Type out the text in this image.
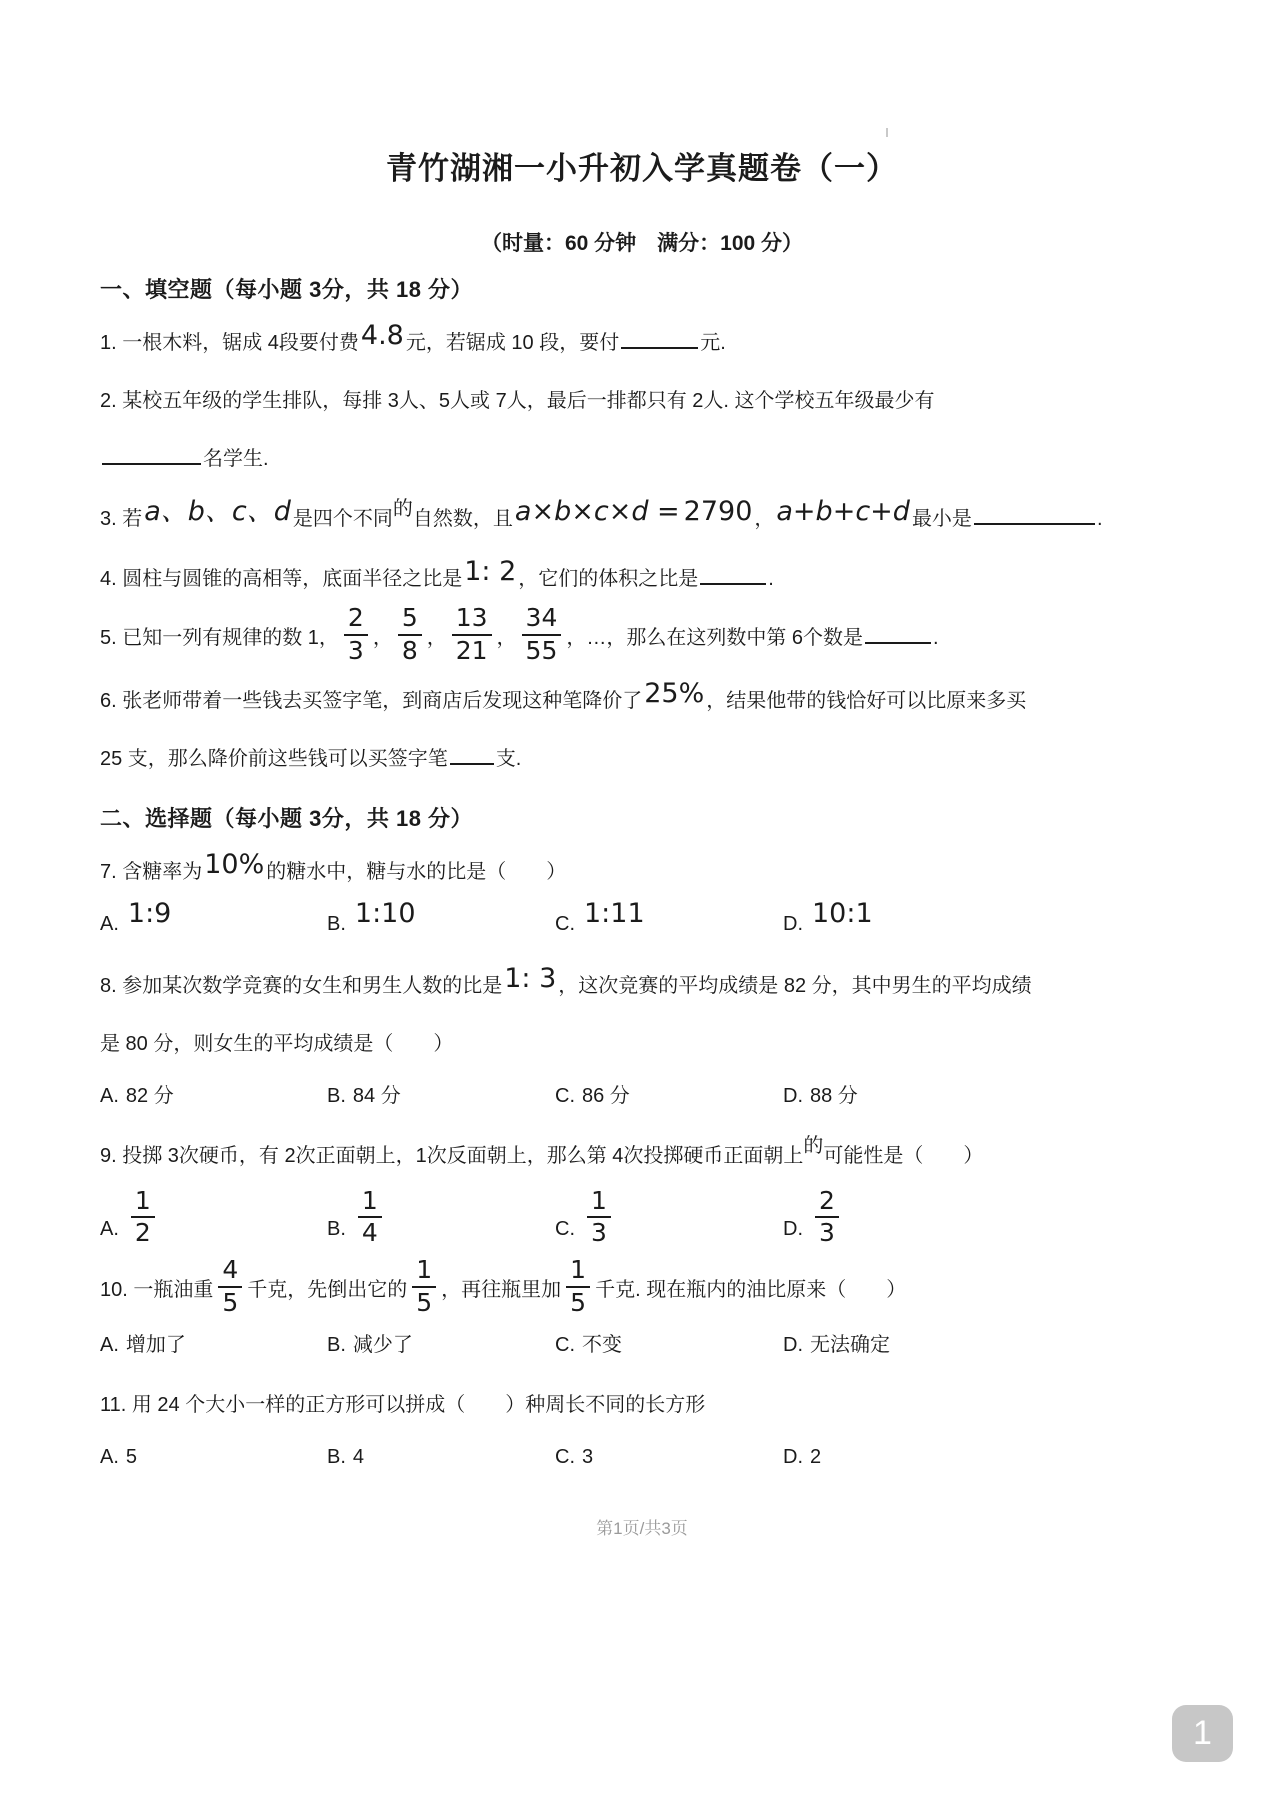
青竹湖湘一小升初入学真题卷（一）
（时量：60 分钟　满分：100 分）
一、填空题（每小题 3分，共 18 分）

1. 一根木料，锯成 4段要付费4.8 元，若锯成 10 段，要付	元.

2. 某校五年级的学生排队，每排 3人、5人或 7人，最后一排都只有 2人. 这个学校五年级最少有

名学生.

3. 若a、b、c、d 是四个不同的自然数，且a×b×c×d = 2790 ，a+b+c+d 最小是	.

4. 圆柱与圆锥的高相等，底面半径之比是1: 2 ，它们的体积之比是	.

5. 已知一列有规律的数 1， $\frac{2}{3}$ ， $\frac{5}{8}$ ， $\frac{13}{21}$ ， $\frac{34}{55}$ ，…，那么在这列数中第 6个数是	.

6. 张老师带着一些钱去买签字笔，到商店后发现这种笔降价了25% ，结果他带的钱恰好可以比原来多买

25 支，那么降价前这些钱可以买签字笔 支.

二、选择题（每小题 3分，共 18 分）

7. 含糖率为10% 的糖水中，糖与水的比是（　　）

A. 1:9	B. 1:10	C. 1:11	D. 10:1

8. 参加某次数学竞赛的女生和男生人数的比是1: 3 ，这次竞赛的平均成绩是 82 分，其中男生的平均成绩

是 80 分，则女生的平均成绩是（　　）

A. 82 分	B. 84 分	C. 86 分	D. 88 分

9. 投掷 3次硬币，有 2次正面朝上，1次反面朝上，那么第 4次投掷硬币正面朝上的可能性是（　　）

A. $\frac{1}{2}$	B. $\frac{1}{4}$	C. $\frac{1}{3}$	D. $\frac{2}{3}$

10. 一瓶油重 $\frac{4}{5}$ 千克，先倒出它的 $\frac{1}{5}$ ，再往瓶里加 $\frac{1}{5}$ 千克. 现在瓶内的油比原来（　　）

A. 增加了	B. 减少了	C. 不变	D. 无法确定

11. 用 24 个大小一样的正方形可以拼成（　　）种周长不同的长方形

A. 5	B. 4	C. 3	D. 2
第1页/共3页
1
